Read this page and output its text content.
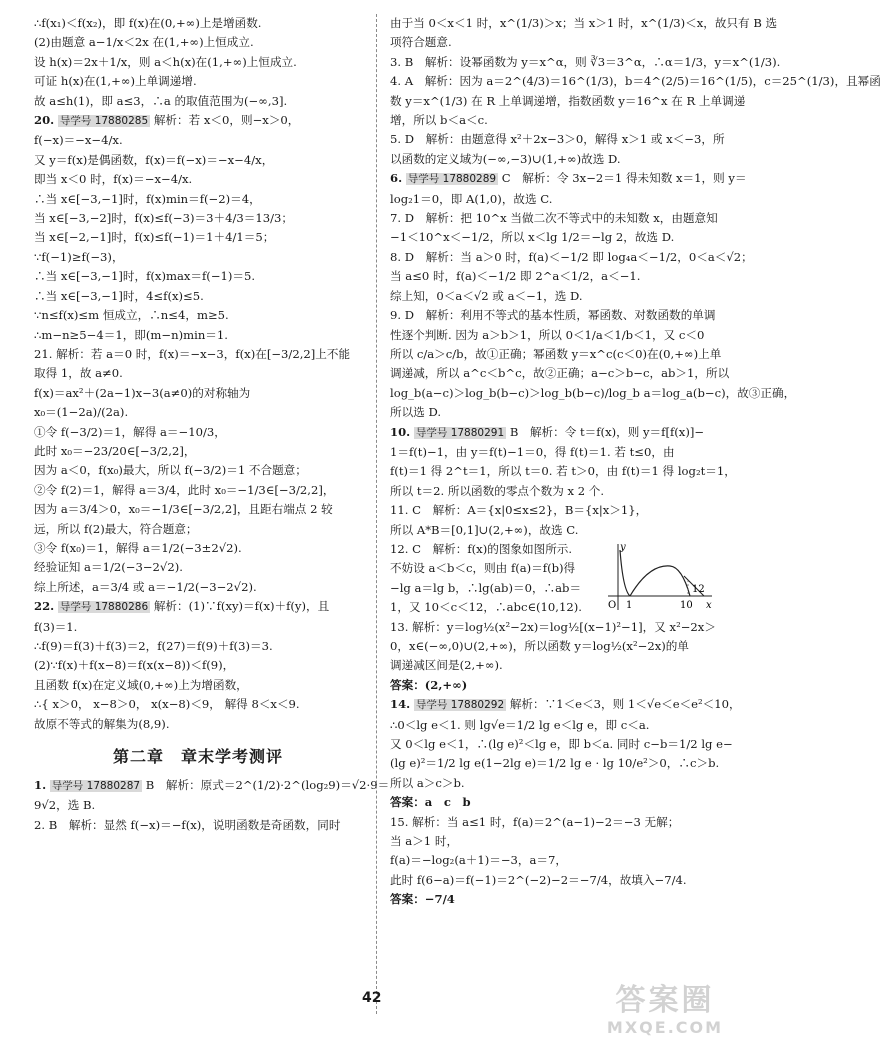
∴f(x₁)＜f(x₂)，即 f(x)在(0,+∞)上是增函数.
(2)由题意 a−1/x＜2x 在(1,+∞)上恒成立.
设 h(x)＝2x＋1/x，则 a＜h(x)在(1,+∞)上恒成立.
可证 h(x)在(1,+∞)上单调递增.
故 a≤h(1)，即 a≤3，∴a 的取值范围为(−∞,3].
20. 导学号 17880285 解析：若 x＜0，则−x＞0，
f(−x)＝−x−4/x.
又 y＝f(x)是偶函数，f(x)＝f(−x)＝−x−4/x，
即当 x＜0 时，f(x)＝−x−4/x.
∴当 x∈[−3,−1]时，f(x)min＝f(−2)＝4，
当 x∈[−3,−2]时，f(x)≤f(−3)＝3＋4/3＝13/3；
当 x∈[−2,−1]时，f(x)≤f(−1)＝1＋4/1＝5；
∵f(−1)≥f(−3)，
∴当 x∈[−3,−1]时，f(x)max＝f(−1)＝5.
∴当 x∈[−3,−1]时，4≤f(x)≤5.
∵n≤f(x)≤m 恒成立，∴n≤4，m≥5.
∴m−n≥5−4＝1，即(m−n)min＝1.
21. 解析：若 a＝0 时，f(x)＝−x−3，f(x)在[−3/2,2]上不能
取得 1，故 a≠0.
f(x)＝ax²＋(2a−1)x−3(a≠0)的对称轴为
x₀＝(1−2a)/(2a).
①令 f(−3/2)＝1，解得 a＝−10/3，
此时 x₀＝−23/20∈[−3/2,2]，
因为 a＜0，f(x₀)最大，所以 f(−3/2)＝1 不合题意；
②令 f(2)＝1，解得 a＝3/4，此时 x₀＝−1/3∈[−3/2,2]，
因为 a＝3/4＞0，x₀＝−1/3∈[−3/2,2]，且距右端点 2 较
远，所以 f(2)最大，符合题意；
③令 f(x₀)＝1，解得 a＝1/2(−3±2√2).
经验证知 a＝1/2(−3−2√2).
综上所述，a＝3/4 或 a＝−1/2(−3−2√2).
22. 导学号 17880286 解析：(1)∵f(xy)＝f(x)＋f(y)，且
f(3)＝1.
∴f(9)＝f(3)＋f(3)＝2，f(27)＝f(9)＋f(3)＝3.
(2)∵f(x)＋f(x−8)＝f(x(x−8))＜f(9)，
且函数 f(x)在定义域(0,+∞)上为增函数，
∴{ x＞0， x−8＞0， x(x−8)＜9， 解得 8＜x＜9.
故原不等式的解集为(8,9).
第二章　章末学考测评
1. 导学号 17880287 B　解析：原式＝2^(1/2)·2^(log₂9)＝√2·9＝
9√2，选 B.
2. B　解析：显然 f(−x)＝−f(x)，说明函数是奇函数，同时
由于当 0＜x＜1 时，x^(1/3)＞x；当 x＞1 时，x^(1/3)＜x，故只有 B 选
项符合题意.
3. B　解析：设幂函数为 y＝x^α，则 ∛3＝3^α，∴α＝1/3，y＝x^(1/3).
4. A　解析：因为 a＝2^(4/3)＝16^(1/3)，b＝4^(2/5)＝16^(1/5)，c＝25^(1/3)，且幂函
数 y＝x^(1/3) 在 R 上单调递增，指数函数 y＝16^x 在 R 上单调递
增，所以 b＜a＜c.
5. D　解析：由题意得 x²＋2x−3＞0，解得 x＞1 或 x＜−3，所
以函数的定义域为(−∞,−3)∪(1,+∞)故选 D.
6. 导学号 17880289 C　解析：令 3x−2＝1 得未知数 x＝1，则 y＝
log₂1＝0，即 A(1,0)，故选 C.
7. D　解析：把 10^x 当做二次不等式中的未知数 x，由题意知
−1＜10^x＜−1/2，所以 x＜lg 1/2＝−lg 2，故选 D.
8. D　解析：当 a＞0 时，f(a)＜−1/2 即 log₄a＜−1/2，0＜a＜√2；
当 a≤0 时，f(a)＜−1/2 即 2^a＜1/2，a＜−1.
综上知，0＜a＜√2 或 a＜−1，选 D.
9. D　解析：利用不等式的基本性质，幂函数、对数函数的单调
性逐个判断. 因为 a＞b＞1，所以 0＜1/a＜1/b＜1，又 c＜0
所以 c/a＞c/b，故①正确；幂函数 y＝x^c(c＜0)在(0,+∞)上单
调递减，所以 a^c＜b^c，故②正确；a−c＞b−c，ab＞1，所以
log_b(a−c)＞log_b(b−c)＞log_b(b−c)/log_b a＝log_a(b−c)，故③正确，
所以选 D.
10. 导学号 17880291 B　解析：令 t＝f(x)，则 y＝f[f(x)]−
1＝f(t)−1，由 y＝f(t)−1＝0，得 f(t)＝1. 若 t≤0，由
f(t)＝1 得 2^t＝1，所以 t＝0. 若 t＞0，由 f(t)＝1 得 log₂t＝1，
所以 t＝2. 所以函数的零点个数为 x 2 个.
11. C　解析：A＝{x|0≤x≤2}，B＝{x|x＞1}，
所以 A*B＝[0,1]∪(2,+∞)，故选 C.
12. C　解析：f(x)的图象如图所示.
不妨设 a＜b＜c，则由 f(a)＝f(b)得
−lg a＝lg b，∴lg(ab)＝0，∴ab＝
1，又 10＜c＜12，∴abc∈(10,12).
y
x
O 1	10
12
13. 解析：y＝log½(x²−2x)＝log½[(x−1)²−1]，又 x²−2x＞
0，x∈(−∞,0)∪(2,+∞)，所以函数 y＝log½(x²−2x)的单
调递减区间是(2,+∞).
答案：(2,+∞)
14. 导学号 17880292 解析：∵1＜e＜3，则 1＜√e＜e＜e²＜10，
∴0＜lg e＜1. 则 lg√e＝1/2 lg e＜lg e，即 c＜a.
又 0＜lg e＜1，∴(lg e)²＜lg e，即 b＜a. 同时 c−b＝1/2 lg e−
(lg e)²＝1/2 lg e(1−2lg e)＝1/2 lg e · lg 10/e²＞0，∴c＞b.
所以 a＞c＞b.
答案：a　c　b
15. 解析：当 a≤1 时，f(a)＝2^(a−1)−2＝−3 无解；
当 a＞1 时，
f(a)＝−log₂(a＋1)＝−3，a＝7，
此时 f(6−a)＝f(−1)＝2^(−2)−2＝−7/4，故填入−7/4.
答案：−7/4
42	答案圈
MXQE.COM
